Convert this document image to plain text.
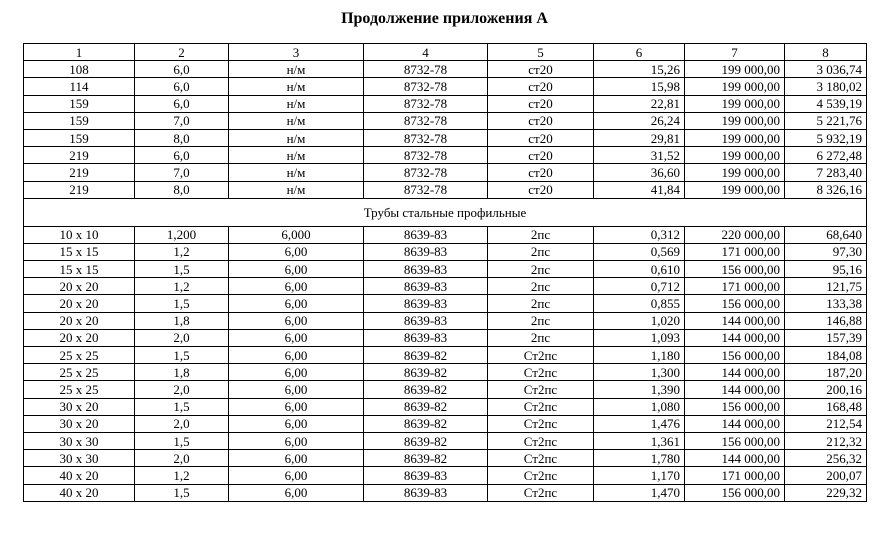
Продолжение приложения А
1	2	3	4	5	6	7	8
108	6,0	н/м	8732-78	ст20	15,26	199 000,00	3 036,74
114	6,0	н/м	8732-78	ст20	15,98	199 000,00	3 180,02
159	6,0	н/м	8732-78	ст20	22,81	199 000,00	4 539,19
159	7,0	н/м	8732-78	ст20	26,24	199 000,00	5 221,76
159	8,0	н/м	8732-78	ст20	29,81	199 000,00	5 932,19
219	6,0	н/м	8732-78	ст20	31,52	199 000,00	6 272,48
219	7,0	н/м	8732-78	ст20	36,60	199 000,00	7 283,40
219	8,0	н/м	8732-78	ст20	41,84	199 000,00	8 326,16
Трубы стальные профильные							
10 х 10	1,200	6,000	8639-83	2пс	0,312	220 000,00	68,640
15 х 15	1,2	6,00	8639-83	2пс	0,569	171 000,00	97,30
15 х 15	1,5	6,00	8639-83	2пс	0,610	156 000,00	95,16
20 х 20	1,2	6,00	8639-83	2пс	0,712	171 000,00	121,75
20 х 20	1,5	6,00	8639-83	2пс	0,855	156 000,00	133,38
20 х 20	1,8	6,00	8639-83	2пс	1,020	144 000,00	146,88
20 х 20	2,0	6,00	8639-83	2пс	1,093	144 000,00	157,39
25 х 25	1,5	6,00	8639-82	Ст2пс	1,180	156 000,00	184,08
25 х 25	1,8	6,00	8639-82	Ст2пс	1,300	144 000,00	187,20
25 х 25	2,0	6,00	8639-82	Ст2пс	1,390	144 000,00	200,16
30 х 20	1,5	6,00	8639-82	Ст2пс	1,080	156 000,00	168,48
30 х 20	2,0	6,00	8639-82	Ст2пс	1,476	144 000,00	212,54
30 х 30	1,5	6,00	8639-82	Ст2пс	1,361	156 000,00	212,32
30 х 30	2,0	6,00	8639-82	Ст2пс	1,780	144 000,00	256,32
40 х 20	1,2	6,00	8639-83	Ст2пс	1,170	171 000,00	200,07
40 х 20	1,5	6,00	8639-83	Ст2пс	1,470	156 000,00	229,32
